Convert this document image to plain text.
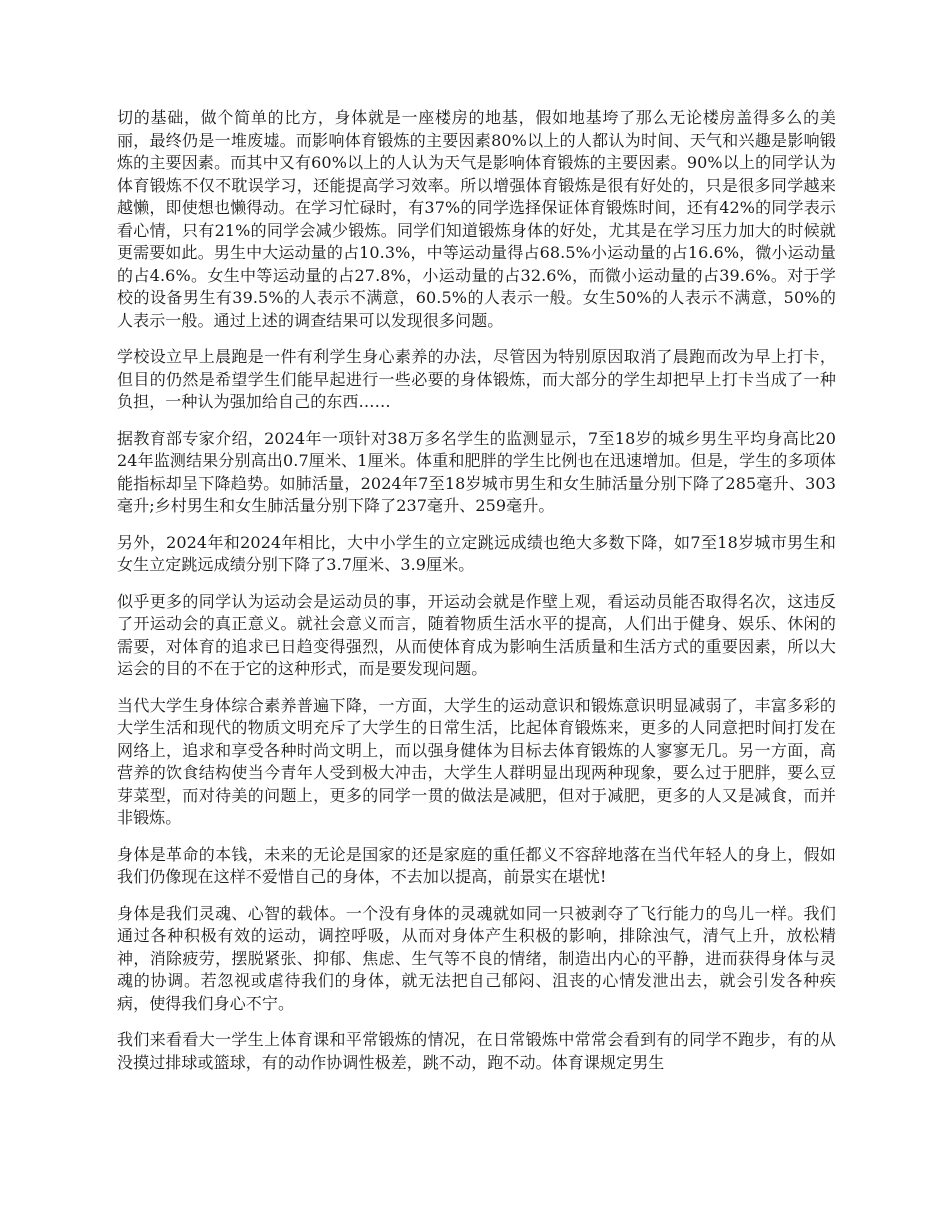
切的基础，做个简单的比方，身体就是一座楼房的地基，假如地基垮了那么无论楼房盖得多么的美丽，最终仍是一堆废墟。而影响体育锻炼的主要因素80%以上的人都认为时间、天气和兴趣是影响锻炼的主要因素。而其中又有60%以上的人认为天气是影响体育锻炼的主要因素。90%以上的同学认为体育锻炼不仅不耽误学习，还能提高学习效率。所以增强体育锻炼是很有好处的，只是很多同学越来越懒，即使想也懒得动。在学习忙碌时，有37%的同学选择保证体育锻炼时间，还有42%的同学表示看心情，只有21%的同学会减少锻炼。同学们知道锻炼身体的好处，尤其是在学习压力加大的时候就更需要如此。男生中大运动量的占10.3%，中等运动量得占68.5%小运动量的占16.6%，微小运动量的占4.6%。女生中等运动量的占27.8%，小运动量的占32.6%，而微小运动量的占39.6%。对于学校的设备男生有39.5%的人表示不满意，60.5%的人表示一般。女生50%的人表示不满意，50%的人表示一般。通过上述的调查结果可以发现很多问题。

学校设立早上晨跑是一件有利学生身心素养的办法，尽管因为特别原因取消了晨跑而改为早上打卡，但目的仍然是希望学生们能早起进行一些必要的身体锻炼，而大部分的学生却把早上打卡当成了一种负担，一种认为强加给自己的东西……

据教育部专家介绍，2024年一项针对38万多名学生的监测显示，7至18岁的城乡男生平均身高比2024年监测结果分别高出0.7厘米、1厘米。体重和肥胖的学生比例也在迅速增加。但是，学生的多项体能指标却呈下降趋势。如肺活量，2024年7至18岁城市男生和女生肺活量分别下降了285毫升、303毫升;乡村男生和女生肺活量分别下降了237毫升、259毫升。

另外，2024年和2024年相比，大中小学生的立定跳远成绩也绝大多数下降，如7至18岁城市男生和女生立定跳远成绩分别下降了3.7厘米、3.9厘米。

似乎更多的同学认为运动会是运动员的事，开运动会就是作壁上观，看运动员能否取得名次，这违反了开运动会的真正意义。就社会意义而言，随着物质生活水平的提高，人们出于健身、娱乐、休闲的需要，对体育的追求已日趋变得强烈，从而使体育成为影响生活质量和生活方式的重要因素，所以大运会的目的不在于它的这种形式，而是要发现问题。

当代大学生身体综合素养普遍下降，一方面，大学生的运动意识和锻炼意识明显减弱了，丰富多彩的大学生活和现代的物质文明充斥了大学生的日常生活，比起体育锻炼来，更多的人同意把时间打发在网络上，追求和享受各种时尚文明上，而以强身健体为目标去体育锻炼的人寥寥无几。另一方面，高营养的饮食结构使当今青年人受到极大冲击，大学生人群明显出现两种现象，要么过于肥胖，要么豆芽菜型，而对待美的问题上，更多的同学一贯的做法是减肥，但对于减肥，更多的人又是减食，而并非锻炼。

身体是革命的本钱，未来的无论是国家的还是家庭的重任都义不容辞地落在当代年轻人的身上，假如我们仍像现在这样不爱惜自己的身体，不去加以提高，前景实在堪忧!

身体是我们灵魂、心智的载体。一个没有身体的灵魂就如同一只被剥夺了飞行能力的鸟儿一样。我们通过各种积极有效的运动，调控呼吸，从而对身体产生积极的影响，排除浊气，清气上升，放松精神，消除疲劳，摆脱紧张、抑郁、焦虑、生气等不良的情绪，制造出内心的平静，进而获得身体与灵魂的协调。若忽视或虐待我们的身体，就无法把自己郁闷、沮丧的心情发泄出去，就会引发各种疾病，使得我们身心不宁。

我们来看看大一学生上体育课和平常锻炼的情况，在日常锻炼中常常会看到有的同学不跑步，有的从没摸过排球或篮球，有的动作协调性极差，跳不动，跑不动。体育课规定男生
